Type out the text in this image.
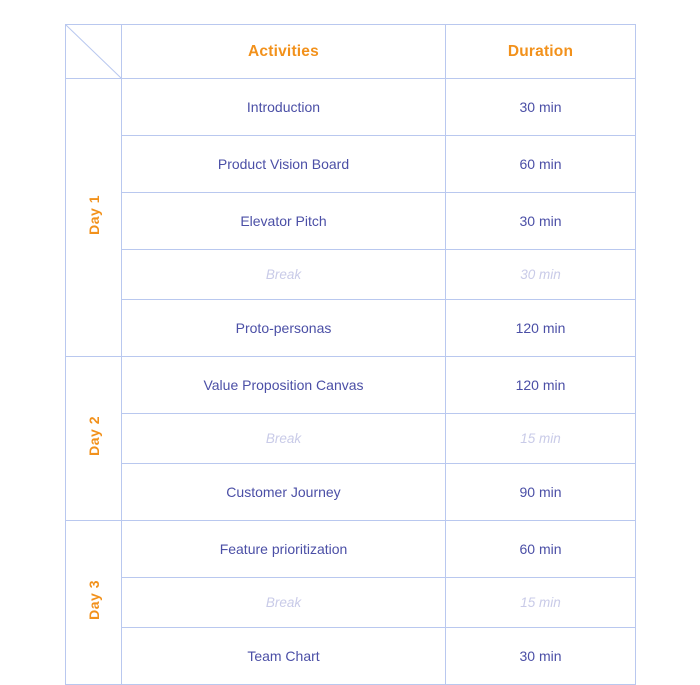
	Activities	Duration
Day 1	Introduction	30 min
	Product Vision Board	60 min
	Elevator Pitch	30 min
	Break	30 min
	Proto-personas	120 min
Day 2	Value Proposition Canvas	120 min
	Break	15 min
	Customer Journey	90 min
Day 3	Feature prioritization	60 min
	Break	15 min
	Team Chart	30 min
